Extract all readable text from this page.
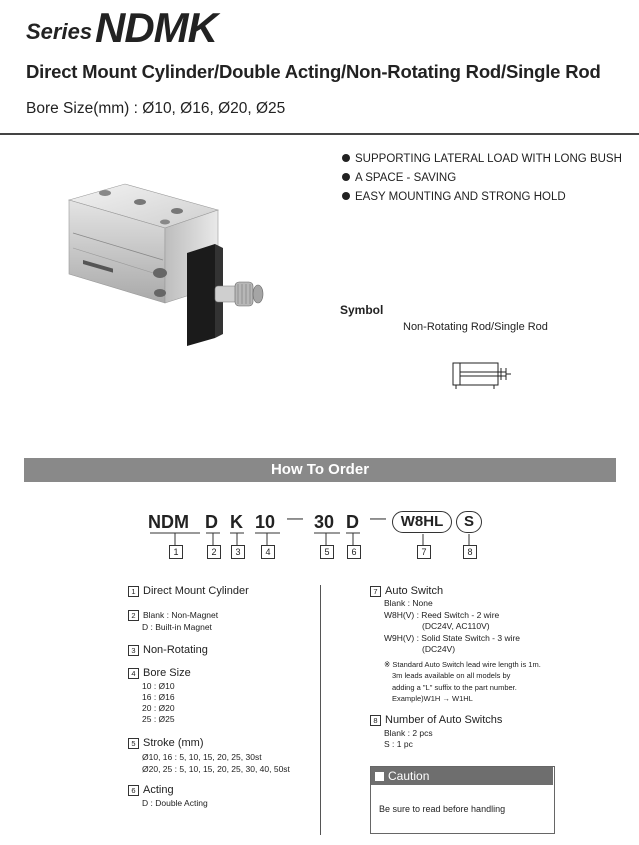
Series NDMK
Direct Mount Cylinder/Double Acting/Non-Rotating Rod/Single Rod
Bore Size(mm) : Ø10, Ø16, Ø20, Ø25
SUPPORTING LATERAL LOAD WITH LONG BUSH
A SPACE - SAVING
EASY MOUNTING AND STRONG HOLD
Symbol
Non-Rotating Rod/Single Rod
How To Order
NDM D K 10 — 30 D — W8HL	S
1	2	3	4	5	6	7	8
1 Direct Mount Cylinder
2 Blank : Non-Magnet
D : Built-in Magnet
3 Non-Rotating
4 Bore Size
10 : Ø10
16 : Ø16
20 : Ø20
25 : Ø25
5 Stroke (mm)
Ø10, 16 : 5, 10, 15, 20, 25, 30st
Ø20, 25 : 5, 10, 15, 20, 25, 30, 40, 50st
6 Acting
D : Double Acting
7 Auto Switch
Blank : None
W8H(V) : Reed Switch - 2 wire
(DC24V, AC110V)
W9H(V) : Solid State Switch - 3 wire
(DC24V)
※ Standard Auto Switch lead wire length is 1m.
3m leads available on all models by
adding a "L" suffix to the part number.
Example)W1H → W1HL
8 Number of Auto Switchs
Blank : 2 pcs
S : 1 pc
Caution
Be sure to read before handling
